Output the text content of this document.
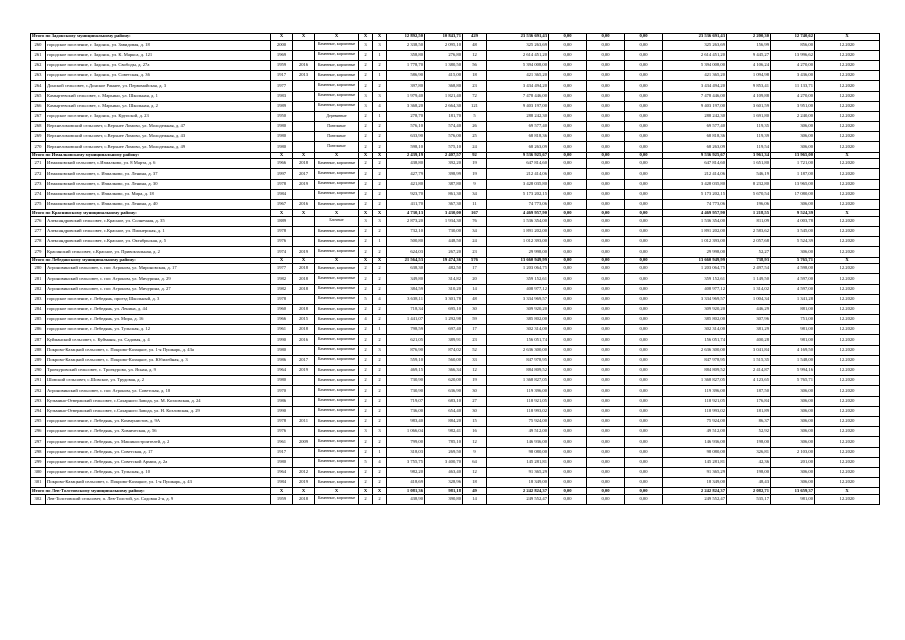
Итого по Задонскому муниципальному району:		X	X	X	X	X	12 892,50	10 843,71	429	23 536 691,43	0,00	0,00	0,00	23 536 691,43	2 200,30	12 740,62	X
260	городское поселение, г. Задонск, ул. Завидовая, д. 18	2000		Каменные, кирпичные	3	3	2 338,50	2 095,10	48	325 263,69	0,00	0,00	0,00	325 263,69	156,99	856,00	12.2020
261	городское поселение, г. Задонск, ул. К. Маркса, д. 121	1969		Каменные, кирпичные	2	1	358,80	276,80	12	2 614 451,20	0,00	0,00	0,00	2 614 451,20	9 445,27	13 996,62	12.2020
262	городское поселение, г. Задонск, ул. Свободы, д. 27а	1959	2016	Каменные, кирпичные	2	2	1 778,70	1 380,50	56	5 394 008,00	0,00	0,00	0,00	5 394 008,00	4 106,24	4 270,00	12.2020
263	городское поселение, г. Задонск, ул. Советская, д. 36	1917	2013	Каменные, кирпичные	2	1	586,90	415,00	18	421 365,20	0,00	0,00	0,00	421 365,20	1 094,98	3 436,00	12.2020
264	Донской сельсовет, с.Донское Раннее, ул. Первомайская, д. 3	1977		Каменные, кирпичные	2	2	397,80	368,80	23	3 434 494,20	0,00	0,00	0,00	3 434 494,20	9 853,41	11 133,71	12.2020
265	Камыртевский сельсовет, с. Марьино, ул. Школьная, д. 1	1983		Каменные, кирпичные	3	3	1 979,40	1 821,40	72	7 478 446,00	0,00	0,00	0,00	7 478 446,00	4 109,88	4 270,00	12.2020
266	Камыртевский сельсовет, с. Марьино, ул. Школьная, д. 2	1989		Каменные, кирпичные	3	4	3 368,20	2 664,30	121	9 403 197,00	0,00	0,00	0,00	9 403 197,00	3 601,59	3 951,00	12.2020
267	городское поселение, г. Задонск, ул. Крупской, д. 23	1950		Деревянные	2	1	278,70	181,70	5	288 242,30	0,00	0,00	0,00	288 242,30	1 691,80	2 240,00	12.2020
268	Верхнеломовский сельсовет, с.Верхнее Ломово, ул. Молодежная, д. 47	1980		Панельные	2	2	576,10	574,40	26	69 577,40	0,00	0,00	0,00	69 577,40	119,35	306,00	12.2020
269	Верхнеломовский сельсовет, с.Верхнее Ломово, ул. Молодежная, д. 43	1980		Панельные	2	2	633,90	576,00	25	68 818,36	0,00	0,00	0,00	68 818,36	119,39	306,00	12.2020
270	Верхнеломовский сельсовет, с.Верхнее Ломово, ул. Молодежная, д. 49	1980		Панельные	2	2	598,10	575,10	24	68 263,09	0,00	0,00	0,00	68 263,09	119,54	306,00	12.2020
Итого по Измалковскому муниципальному району:		X	X	X	X	X	2 439,19	2 407,57	92	9 536 925,67	0,00	0,00	0,00	9 536 925,67	3 961,34	13 965,00	X
271	Измалковский сельсовет, с.Измалково, ул. 8 Марта, д. 6	1966	2018	Каменные, кирпичные	2	2	438,80	392,20	19	647 814,60	0,00	0,00	0,00	647 814,60	1 651,80	1 721,00	12.2020
272	Измалковский сельсовет, с. Измалково, ул. Ленина, д. 37	1997	2017	Каменные, кирпичные	2	2	427,79	398,99	19	212 414,06	0,00	0,00	0,00	212 414,06	546,19	1 187,00	12.2020
273	Измалковский сельсовет, с. Измалково, ул. Ленина, д. 30	1978	2019	Каменные, кирпичные	2	2	421,80	387,80	9	3 428 035,80	0,00	0,00	0,00	3 428 035,80	8 232,80	13 965,00	12.2020
274	Измалковский сельсовет, с. Измалково, ул. Мира, д. 18	1984		Каменные, кирпичные	2	2	923,70	861,30	34	5 173 202,15	0,00	0,00	0,00	5 173 202,15	5 670,54	17 080,00	12.2020
275	Измалковский сельсовет, с. Измалково, ул. Ленина, д. 40	1967	2016	Каменные, кирпичные	2	2	411,70	367,30	11	74 773,06	0,00	0,00	0,00	74 773,06	196,06	306,00	12.2020
Итого по Краснинскому муниципальному району:		X	X	X	X	X	4 730,13	3 430,00	167	4 469 957,90	0,00	0,00	0,00	4 469 957,90	1 218,55	9 524,39	X
276	Александровский сельсовет, с.Красное, ул. Солнечная, д. 35	1889		Блочные	3	3	2 873,20	1 934,30	76	1 536 354,00	0,00	0,00	0,00	1 536 354,00	811,09	4 003,78	12.2020
277	Александровский сельсовет, с.Красное, ул. Пионерская, д. 1	1978		Каменные, кирпичные	2	2	732,10	730,00	34	1 891 202,00	0,00	0,00	0,00	1 891 202,00	2 583,62	3 545,00	12.2020
278	Александровский сельсовет, с.Красное, ул. Октябрьская, д. 5	1976		Каменные, кирпичные	2	1	500,80	448,50	24	1 012 393,00	0,00	0,00	0,00	1 012 393,00	2 057,68	5 524,39	12.2020
279	Красинский сельсовет, с.Красное, ул. Привокзальная, д. 2	1974	2019	Каменные, кирпичные	2	2	624,03	267,20	23	29 998,00	0,00	0,00	0,00	29 998,00	52,27	306,00	12.2020
Итого по Лебедянскому муниципальному району:		X	X	X	X	X	21 564,53	19 474,36	576	13 660 949,99	0,00	0,00	0,00	13 660 949,99	738,93	5 765,71	X
280	Агроновинский сельсовет, с. пос Агроном, ул. Мироновская, д. 17	1977	2018	Каменные, кирпичные	2	2	638,30	482,50	17	1 203 064,75	0,00	0,00	0,00	1 203 064,75	2 497,54	4 598,00	12.2020
281	Агроновинский сельсовет, с. пос Агроном, ул. Мичурина, д. 29	1982	2018	Каменные, кирпичные	2	2	349,80	314,82	20	359 152,61	0,00	0,00	0,00	359 152,61	1 149,50	4 597,00	12.2020
282	Агроновинский сельсовет, с. пос Агроном, ул. Мичурина, д. 27	1982	2018	Каменные, кирпичные	2	2	384,59	310,20	14	408 977,12	0,00	0,00	0,00	408 977,12	1 314,02	4 597,00	12.2020
283	городское поселение, г. Лебедянь, проезд Школьный, д. 3	1978		Каменные, кирпичные	5	4	3 638,11	3 301,78	48	3 334 969,57	0,00	0,00	0,00	3 334 969,57	1 004,34	1 341,28	12.2020
284	городское поселение, г. Лебедянь, ул. Ленина, д. 44	1960	2018	Каменные, кирпичные	2	2	718,34	695,10	30	309 920,20	0,00	0,00	0,00	309 920,20	446,29	881,00	12.2020
285	городское поселение, г. Лебедянь, ул. Мира, д. 16	1966	2015	Каменные, кирпичные	4	2	1 441,07	1 292,98	59	385 802,00	0,00	0,00	0,00	385 802,00	307,96	751,00	12.2020
286	городское поселение, г. Лебедянь, ул. Тульская, д. 12	1961	2018	Каменные, кирпичные	2	1	798,59	697,40	17	302 314,00	0,00	0,00	0,00	302 314,00	381,29	981,00	12.2020
287	Куйманский сельсовет, с. Куйманы, ул. Садовая, д. 4	1990	2016	Каменные, кирпичные	2	2	621,05	389,91	23	156 051,74	0,00	0,00	0,00	156 051,74	400,28	981,00	12.2020
288	Покрово-Казацкий сельсовет, с. Покрово-Казацкое, ул. 1-я Пушкарь, д. 43а	1980		Каменные, кирпичные	2	3	876,90	874,02	52	2 636 300,00	0,00	0,00	0,00	2 636 300,00	3 041,84	4 169,50	12.2020
289	Покрово-Казацкий сельсовет, с. Покрово-Казацкое, ул. Юбилейная, д. 3	1986	2017	Каменные, кирпичные	2	2	559,10	560,00	33	847 978,95	0,00	0,00	0,00	847 978,95	1 515,35	1 548,00	12.2020
290	Троекуровский сельсовет, с. Троекурово, ул. Ясная, д. 9	1964	2019	Каменные, кирпичные	2	2	469,15	366,34	12	884 809,52	0,00	0,00	0,00	884 809,52	2 414,87	5 994,16	12.2020
291	Шовский сельсовет, с.Шовское, ул. Трудовая, д. 2	1980		Каменные, кирпичные	2	2	730,90	620,00	19	1 368 827,05	0,00	0,00	0,00	1 368 827,05	4 123,65	5 765,71	12.2020
292	Агроновинский сельсовет, с. пос Агроном, ул. Советская, д. 18	1970		Каменные, кирпичные	2	2	730,90	636,90	30	119 396,00	0,00	0,00	0,00	119 396,00	187,50	306,00	12.2020
293	Кузьмино-Отвержский сельсовет, с.Сахарного Завода, ул. М. Козловская, д. 24	1986		Каменные, кирпичные	2	2	719,07	683,10	27	118 921,05	0,00	0,00	0,00	118 921,05	176,84	306,00	12.2020
294	Кузьмино-Отвержский сельсовет, с.Сахарного Завода, ул. Н. Козловская, д. 29	1990		Каменные, кирпичные	2	2	736,00	654,40	30	118 993,02	0,00	0,00	0,00	118 993,02	181,89	306,00	12.2020
295	городское поселение, г. Лебедянь, ул. Коммунистов, д. 9А	1978	2011	Каменные, кирпичные	2	2	983,40	884,20	15	75 924,00	0,00	0,00	0,00	75 924,00	86,37	306,00	12.2020
296	городское поселение, г. Лебедянь, ул. Химическая, д. 56	1976		Каменные, кирпичные	3	3	1 066,04	982,41	16	49 512,00	0,00	0,00	0,00	49 512,00	52,92	306,00	12.2020
297	городское поселение, г. Лебедянь, ул. Машиностроителей, д. 2	1961	2009	Каменные, кирпичные	2	2	799,00	785,10	12	146 936,00	0,00	0,00	0,00	146 936,00	198,00	306,00	12.2020
298	городское поселение, г. Лебедянь, ул. Советская, д. 17	1917		Каменные, кирпичные	2	1	318,03	269,50	9	98 080,00	0,00	0,00	0,00	98 080,00	326,81	2 103,00	12.2020
299	городское поселение, г. Лебедянь, ул. Советской Армии, д. 2а	1980		Каменные, кирпичные	5	4	3 755,75	3 400,70	64	145 281,81	0,00	0,00	0,00	145 281,81	42,36	201,00	12.2020
300	городское поселение, г. Лебедянь, ул. Тульская, д. 10	1964	2012	Каменные, кирпичные	2	2	982,20	463,40	12	91 365,29	0,00	0,00	0,00	91 365,29	198,00	306,00	12.2020
301	Покрово-Казацкий сельсовет, с. Покрово-Казацкое, ул. 1-я Пушкарь, д. 43	1984	2019	Каменные, кирпичные	2	2	418,69	328,96	18	18 349,00	0,00	0,00	0,00	18 349,00	48,43	306,00	12.2020
Итого по Лев-Толстовскому муниципальному району:		X	X	X	X	X	1 081,36	981,18	49	2 242 824,37	0,00	0,00	0,00	2 242 824,37	2 082,71	13 659,37	X
302	Лев-Толстовский сельсовет, п. Лев-Толстой, ул. Садовая 2-я, д. 9	1959	2018	Каменные, кирпичные	2	2	438,90	390,80	14	249 552,47	0,00	0,00	0,00	249 552,47	535,17	981,00	12.2020
